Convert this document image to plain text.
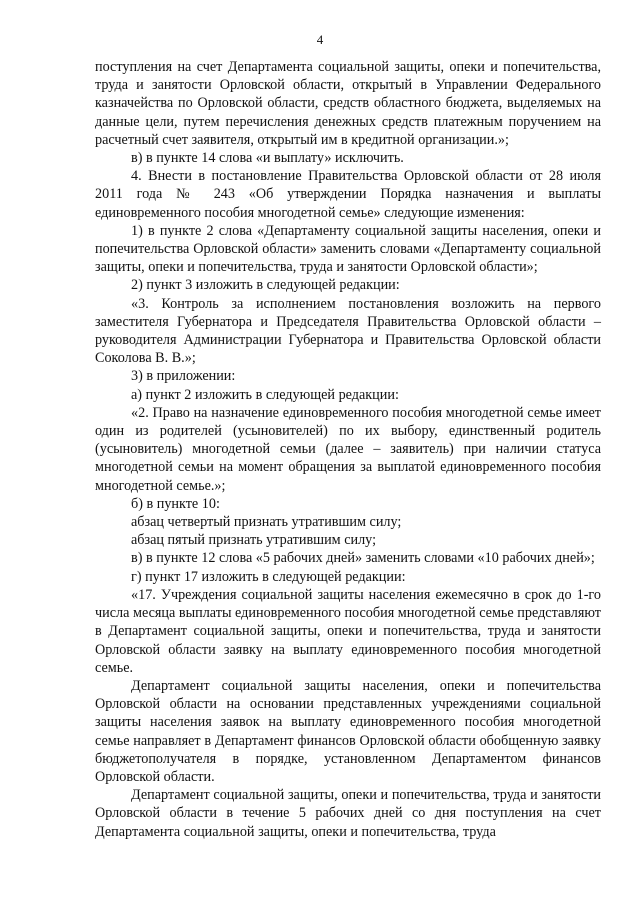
4

поступления на счет Департамента социальной защиты, опеки и попечительства, труда и занятости Орловской области, открытый в Управлении Федерального казначейства по Орловской области, средств областного бюджета, выделяемых на данные цели, путем перечисления денежных средств платежным поручением на расчетный счет заявителя, открытый им в кредитной организации.»;

в) в пункте 14 слова «и выплату» исключить.

4. Внести в постановление Правительства Орловской области от 28 июля 2011 года № 243 «Об утверждении Порядка назначения и выплаты единовременного пособия многодетной семье» следующие изменения:

1) в пункте 2 слова «Департаменту социальной защиты населения, опеки и попечительства Орловской области» заменить словами «Департаменту социальной защиты, опеки и попечительства, труда и занятости Орловской области»;

2) пункт 3 изложить в следующей редакции:

«3. Контроль за исполнением постановления возложить на первого заместителя Губернатора и Председателя Правительства Орловской области – руководителя Администрации Губернатора и Правительства Орловской области Соколова В. В.»;

3) в приложении:

а) пункт 2 изложить в следующей редакции:

«2. Право на назначение единовременного пособия многодетной семье имеет один из родителей (усыновителей) по их выбору, единственный родитель (усыновитель) многодетной семьи (далее – заявитель) при наличии статуса многодетной семьи на момент обращения за выплатой единовременного пособия многодетной семье.»;

б) в пункте 10:

абзац четвертый признать утратившим силу;

абзац пятый признать утратившим силу;

в) в пункте 12 слова «5 рабочих дней» заменить словами «10 рабочих дней»;

г) пункт 17 изложить в следующей редакции:

«17. Учреждения социальной защиты населения ежемесячно в срок до 1-го числа месяца выплаты единовременного пособия многодетной семье представляют в Департамент социальной защиты, опеки и попечительства, труда и занятости Орловской области заявку на выплату единовременного пособия многодетной семье.

Департамент социальной защиты населения, опеки и попечительства Орловской области на основании представленных учреждениями социальной защиты населения заявок на выплату единовременного пособия многодетной семье направляет в Департамент финансов Орловской области обобщенную заявку бюджетополучателя в порядке, установленном Департаментом финансов Орловской области.

Департамент социальной защиты, опеки и попечительства, труда и занятости Орловской области в течение 5 рабочих дней со дня поступления на счет Департамента социальной защиты, опеки и попечительства, труда
